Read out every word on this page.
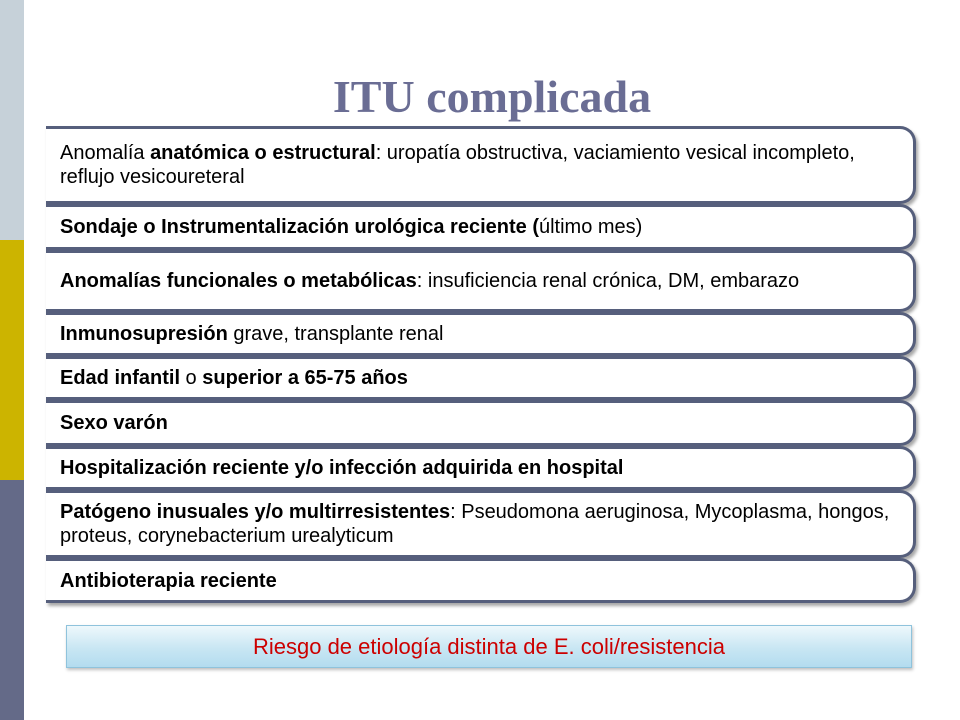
ITU complicada
Anomalía anatómica o estructural: uropatía obstructiva, vaciamiento vesical incompleto, reflujo vesicoureteral
Sondaje o Instrumentalización urológica reciente (último mes)
Anomalías funcionales o metabólicas: insuficiencia renal crónica, DM, embarazo
Inmunosupresión grave, transplante renal
Edad infantil o superior a 65-75 años
Sexo varón
Hospitalización reciente y/o infección adquirida en hospital
Patógeno inusuales y/o multirresistentes: Pseudomona aeruginosa, Mycoplasma, hongos, proteus, corynebacterium urealyticum
Antibioterapia reciente
Riesgo de etiología distinta de E. coli/resistencia
